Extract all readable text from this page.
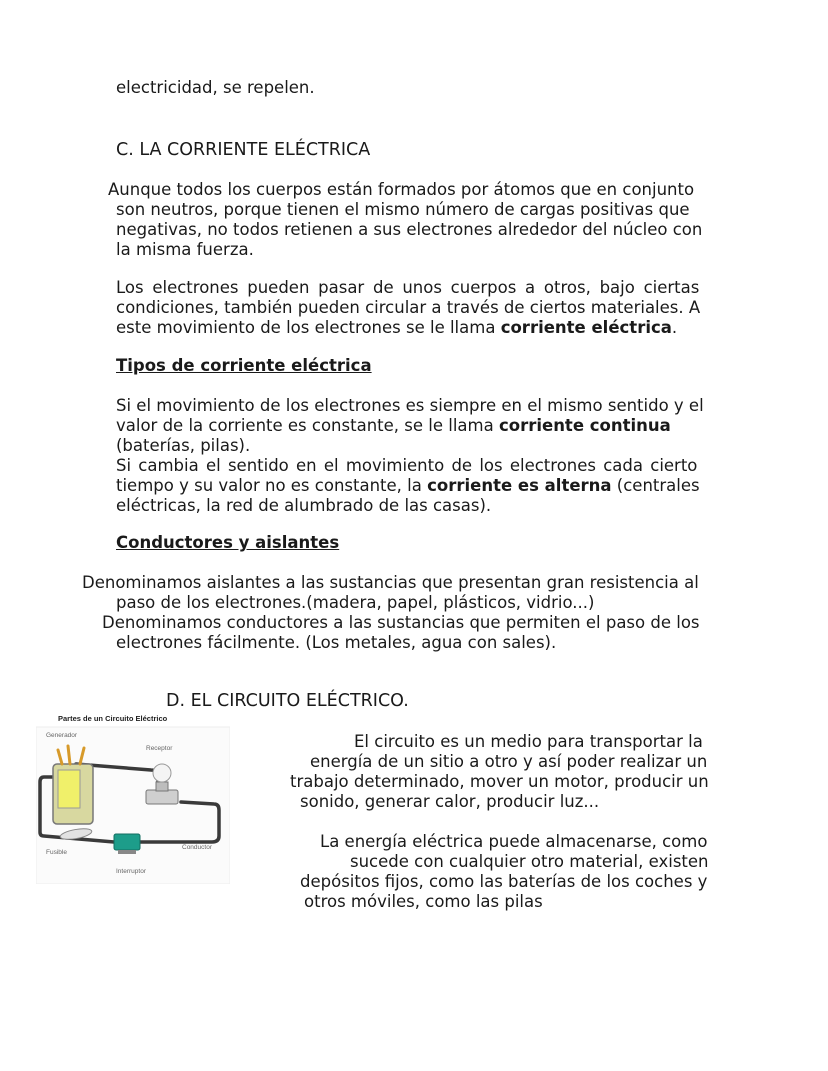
electricidad, se repelen.
C. LA CORRIENTE ELÉCTRICA
Aunque todos los cuerpos están formados por átomos que en conjunto
son neutros, porque tienen el mismo número de cargas positivas que
negativas, no todos retienen a sus electrones alrededor del núcleo con
la misma fuerza.
Los electrones pueden pasar de unos cuerpos a otros, bajo ciertas
condiciones, también pueden circular a través de ciertos materiales. A
este movimiento de los electrones se le llama corriente eléctrica.
Tipos de corriente eléctrica
Si el movimiento de los electrones es siempre en el mismo sentido y el
valor de la corriente es constante, se le llama corriente continua
(baterías, pilas).
Si cambia el sentido en el movimiento de los electrones cada cierto
tiempo y su valor no es constante, la corriente es alterna (centrales
eléctricas, la red de alumbrado de las casas).
Conductores y aislantes
Denominamos aislantes a las sustancias que presentan gran resistencia al
paso de los electrones.(madera, papel, plásticos, vidrio...)
Denominamos conductores a las sustancias que permiten el paso de los
electrones fácilmente. (Los metales, agua con sales).
D. EL CIRCUITO ELÉCTRICO.
Partes de un Circuito Eléctrico
Generador
Receptor
Conductor
Fusible
Interruptor
El circuito es un medio para transportar la
energía de un sitio a otro y así poder realizar un
trabajo determinado, mover un motor, producir un
sonido, generar calor, producir luz...
La energía eléctrica puede almacenarse, como
sucede con cualquier otro material, existen
depósitos fijos, como las baterías de los coches y
otros móviles, como las pilas
